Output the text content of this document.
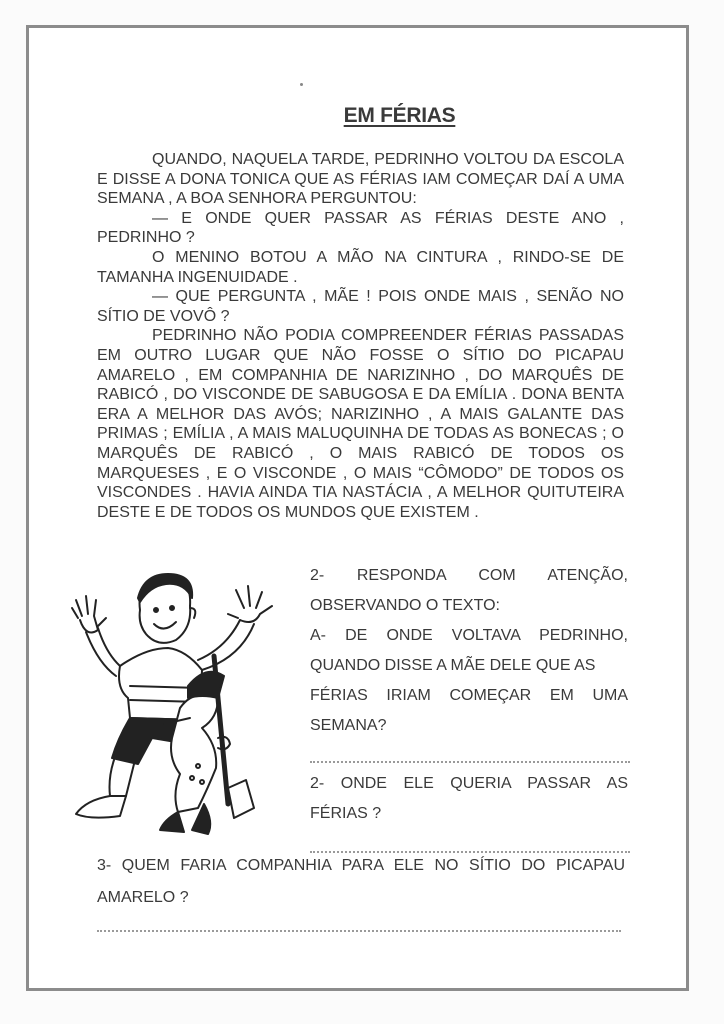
EM FÉRIAS

QUANDO, NAQUELA TARDE, PEDRINHO VOLTOU DA ESCOLA E DISSE A DONA TONICA QUE AS FÉRIAS IAM COMEÇAR DAÍ A UMA SEMANA , A BOA SENHORA PERGUNTOU:

— E ONDE QUER PASSAR AS FÉRIAS DESTE ANO , PEDRINHO ?

O MENINO BOTOU A MÃO NA CINTURA , RINDO-SE DE TAMANHA INGENUIDADE .

— QUE PERGUNTA , MÃE ! POIS ONDE MAIS , SENÃO NO SÍTIO DE VOVÔ ?

PEDRINHO NÃO PODIA COMPREENDER FÉRIAS PASSADAS EM OUTRO LUGAR QUE NÃO FOSSE O SÍTIO DO PICAPAU AMARELO , EM COMPANHIA DE NARIZINHO , DO MARQUÊS DE RABICÓ , DO VISCONDE DE SABUGOSA E DA EMÍLIA . DONA BENTA ERA A MELHOR DAS AVÓS; NARIZINHO , A MAIS GALANTE DAS PRIMAS ; EMÍLIA , A MAIS MALUQUINHA DE TODAS AS BONECAS ; O MARQUÊS DE RABICÓ , O MAIS RABICÓ DE TODOS OS MARQUESES , E O VISCONDE , O MAIS “CÔMODO” DE TODOS OS VISCONDES . HAVIA AINDA TIA NASTÁCIA , A MELHOR QUITUTEIRA DESTE E DE TODOS OS MUNDOS QUE EXISTEM .

2- RESPONDA COM ATENÇÃO,

OBSERVANDO O TEXTO:

A- DE ONDE VOLTAVA PEDRINHO,

QUANDO DISSE A MÃE DELE QUE AS

FÉRIAS IRIAM COMEÇAR EM UMA

SEMANA?

2- ONDE ELE QUERIA PASSAR AS

FÉRIAS ?

3- QUEM FARIA COMPANHIA PARA ELE NO SÍTIO DO PICAPAU

AMARELO ?
